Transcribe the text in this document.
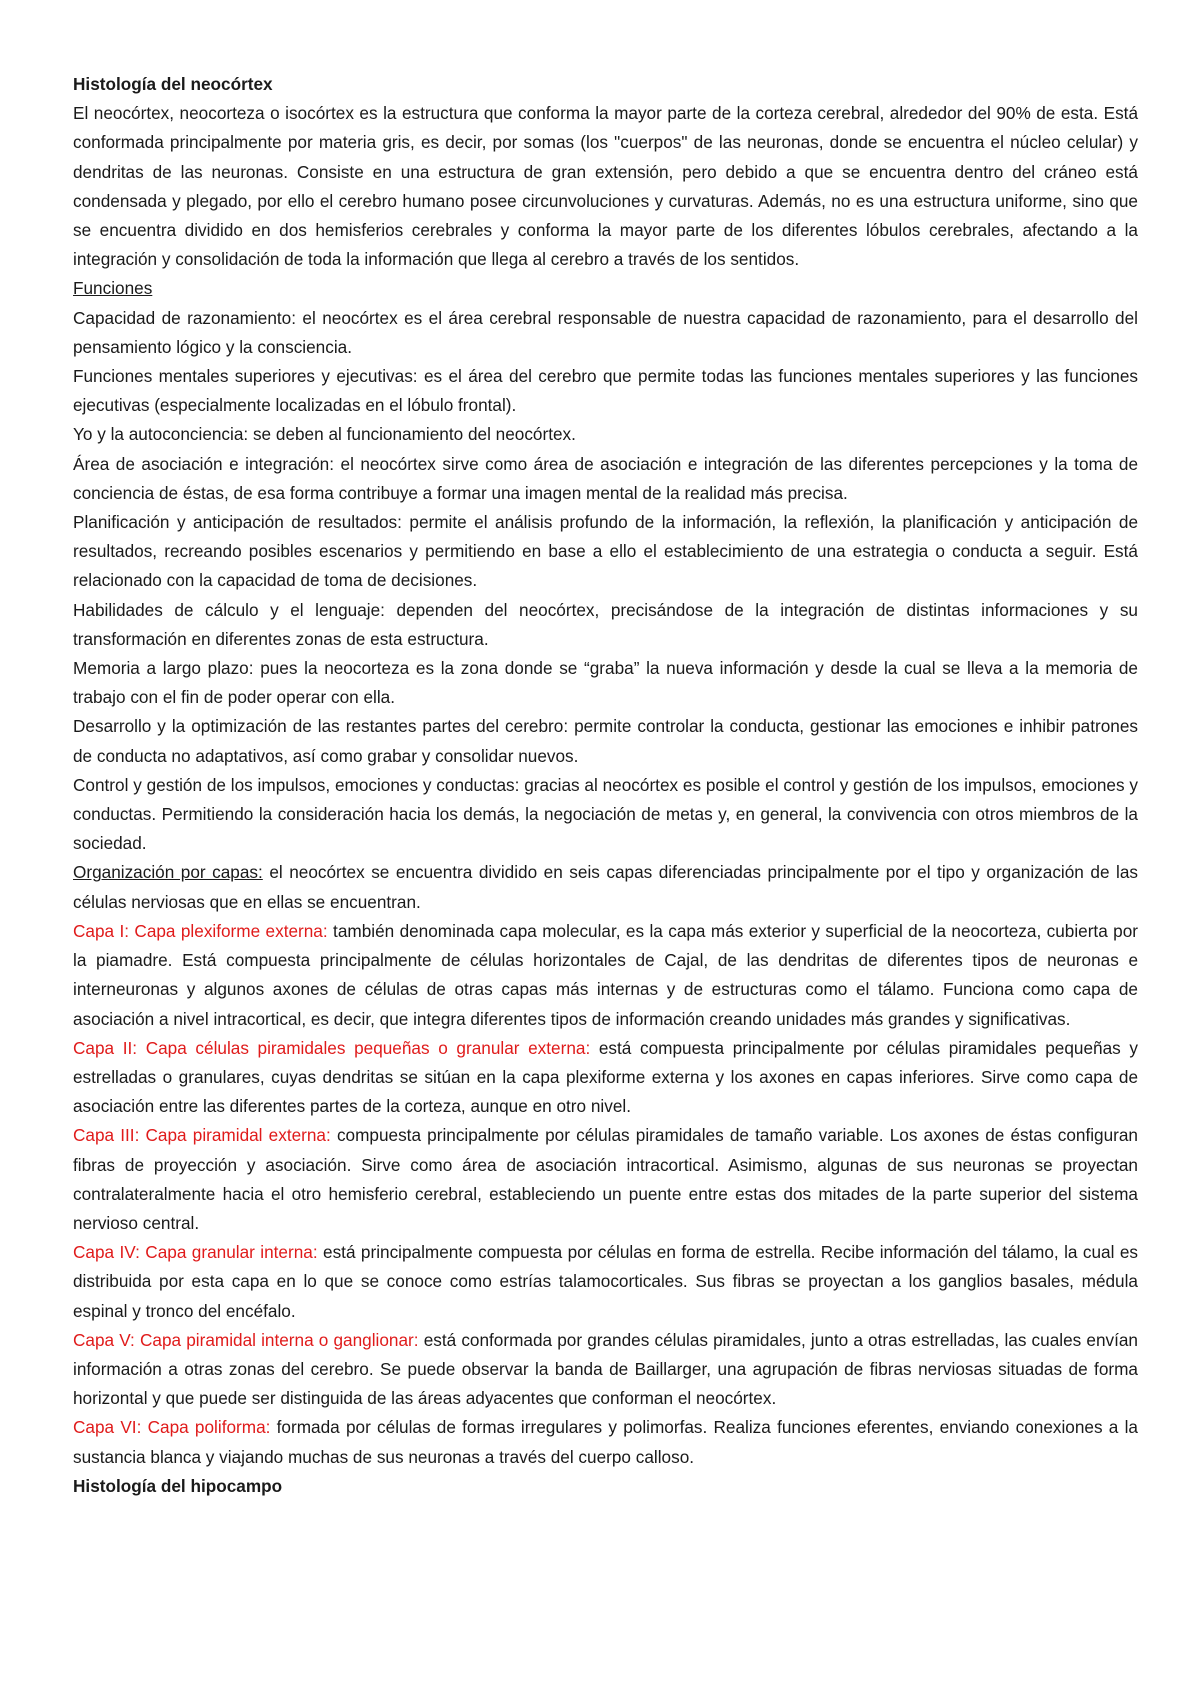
Histología del neocórtex

El neocórtex, neocorteza o isocórtex es la estructura que conforma la mayor parte de la corteza cerebral, alrededor del 90% de esta. Está conformada principalmente por materia gris, es decir, por somas (los "cuerpos" de las neuronas, donde se encuentra el núcleo celular) y dendritas de las neuronas. Consiste en una estructura de gran extensión, pero debido a que se encuentra dentro del cráneo está condensada y plegado, por ello el cerebro humano posee circunvoluciones y curvaturas. Además, no es una estructura uniforme, sino que se encuentra dividido en dos hemisferios cerebrales y conforma la mayor parte de los diferentes lóbulos cerebrales, afectando a la integración y consolidación de toda la información que llega al cerebro a través de los sentidos.

Funciones

Capacidad de razonamiento: el neocórtex es el área cerebral responsable de nuestra capacidad de razonamiento, para el desarrollo del pensamiento lógico y la consciencia.

Funciones mentales superiores y ejecutivas: es el área del cerebro que permite todas las funciones mentales superiores y las funciones ejecutivas (especialmente localizadas en el lóbulo frontal).

Yo y la autoconciencia: se deben al funcionamiento del neocórtex.

Área de asociación e integración: el neocórtex sirve como área de asociación e integración de las diferentes percepciones y la toma de conciencia de éstas, de esa forma contribuye a formar una imagen mental de la realidad más precisa.

Planificación y anticipación de resultados: permite el análisis profundo de la información, la reflexión, la planificación y anticipación de resultados, recreando posibles escenarios y permitiendo en base a ello el establecimiento de una estrategia o conducta a seguir. Está relacionado con la capacidad de toma de decisiones.

Habilidades de cálculo y el lenguaje: dependen del neocórtex, precisándose de la integración de distintas informaciones y su transformación en diferentes zonas de esta estructura.

Memoria a largo plazo: pues la neocorteza es la zona donde se “graba” la nueva información y desde la cual se lleva a la memoria de trabajo con el fin de poder operar con ella.

Desarrollo y la optimización de las restantes partes del cerebro: permite controlar la conducta, gestionar las emociones e inhibir patrones de conducta no adaptativos, así como grabar y consolidar nuevos.

Control y gestión de los impulsos, emociones y conductas: gracias al neocórtex es posible el control y gestión de los impulsos, emociones y conductas. Permitiendo la consideración hacia los demás, la negociación de metas y, en general, la convivencia con otros miembros de la sociedad.

Organización por capas: el neocórtex se encuentra dividido en seis capas diferenciadas principalmente por el tipo y organización de las células nerviosas que en ellas se encuentran.

Capa I: Capa plexiforme externa: también denominada capa molecular, es la capa más exterior y superficial de la neocorteza, cubierta por la piamadre. Está compuesta principalmente de células horizontales de Cajal, de las dendritas de diferentes tipos de neuronas e interneuronas y algunos axones de células de otras capas más internas y de estructuras como el tálamo. Funciona como capa de asociación a nivel intracortical, es decir, que integra diferentes tipos de información creando unidades más grandes y significativas.

Capa II: Capa células piramidales pequeñas o granular externa: está compuesta principalmente por células piramidales pequeñas y estrelladas o granulares, cuyas dendritas se sitúan en la capa plexiforme externa y los axones en capas inferiores. Sirve como capa de asociación entre las diferentes partes de la corteza, aunque en otro nivel.

Capa III: Capa piramidal externa: compuesta principalmente por células piramidales de tamaño variable. Los axones de éstas configuran fibras de proyección y asociación. Sirve como área de asociación intracortical. Asimismo, algunas de sus neuronas se proyectan contralateralmente hacia el otro hemisferio cerebral, estableciendo un puente entre estas dos mitades de la parte superior del sistema nervioso central.

Capa IV: Capa granular interna: está principalmente compuesta por células en forma de estrella. Recibe información del tálamo, la cual es distribuida por esta capa en lo que se conoce como estrías talamocorticales. Sus fibras se proyectan a los ganglios basales, médula espinal y tronco del encéfalo.

Capa V: Capa piramidal interna o ganglionar: está conformada por grandes células piramidales, junto a otras estrelladas, las cuales envían información a otras zonas del cerebro. Se puede observar la banda de Baillarger, una agrupación de fibras nerviosas situadas de forma horizontal y que puede ser distinguida de las áreas adyacentes que conforman el neocórtex.

Capa VI: Capa poliforma: formada por células de formas irregulares y polimorfas. Realiza funciones eferentes, enviando conexiones a la sustancia blanca y viajando muchas de sus neuronas a través del cuerpo calloso.

Histología del hipocampo
